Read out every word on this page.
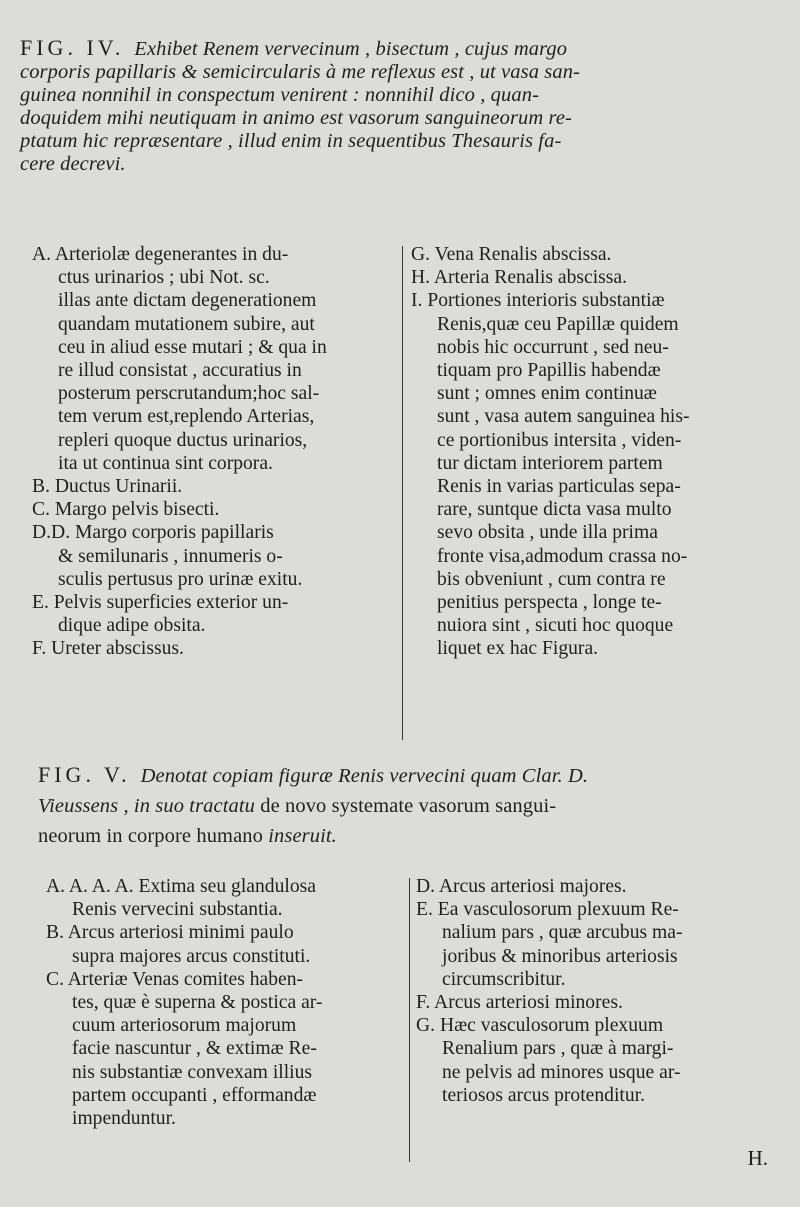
FIG. IV. Exhibet Renem vervecinum , bisectum , cujus margo
corporis papillaris & semicircularis à me reflexus est , ut vasa san-
guinea nonnihil in conspectum venirent : nonnihil dico , quan-
doquidem mihi neutiquam in animo est vasorum sanguineorum re-
ptatum hic repræsentare , illud enim in sequentibus Thesauris fa-
cere decrevi.
A. Arteriolæ degenerantes in du-
ctus urinarios ; ubi Not. sc.
illas ante dictam degenerationem
quandam mutationem subire, aut
ceu in aliud esse mutari ; & qua in
re illud consistat , accuratius in
posterum perscrutandum;hoc sal-
tem verum est,replendo Arterias,
repleri quoque ductus urinarios,
ita ut continua sint corpora.
B. Ductus Urinarii.
C. Margo pelvis bisecti.
D.D. Margo corporis papillaris
& semilunaris , innumeris o-
sculis pertusus pro urinæ exitu.
E. Pelvis superficies exterior un-
dique adipe obsita.
F. Ureter abscissus.
G. Vena Renalis abscissa.
H. Arteria Renalis abscissa.
I. Portiones interioris substantiæ
Renis,quæ ceu Papillæ quidem
nobis hic occurrunt , sed neu-
tiquam pro Papillis habendæ
sunt ; omnes enim continuæ
sunt , vasa autem sanguinea his-
ce portionibus intersita , viden-
tur dictam interiorem partem
Renis in varias particulas sepa-
rare, suntque dicta vasa multo
sevo obsita , unde illa prima
fronte visa,admodum crassa no-
bis obveniunt , cum contra re
penitius perspecta , longe te-
nuiora sint , sicuti hoc quoque
liquet ex hac Figura.
FIG. V. Denotat copiam figuræ Renis vervecini quam Clar. D.
Vieussens , in suo tractatu de novo systemate vasorum sangui-
neorum in corpore humano inseruit.
A. A. A. A. Extima seu glandulosa
Renis vervecini substantia.
B. Arcus arteriosi minimi paulo
supra majores arcus constituti.
C. Arteriæ Venas comites haben-
tes, quæ è superna & postica ar-
cuum arteriosorum majorum
facie nascuntur , & extimæ Re-
nis substantiæ convexam illius
partem occupanti , efformandæ
impenduntur.
D. Arcus arteriosi majores.
E. Ea vasculosorum plexuum Re-
nalium pars , quæ arcubus ma-
joribus & minoribus arteriosis
circumscribitur.
F. Arcus arteriosi minores.
G. Hæc vasculosorum plexuum
Renalium pars , quæ à margi-
ne pelvis ad minores usque ar-
teriosos arcus protenditur.
H.
